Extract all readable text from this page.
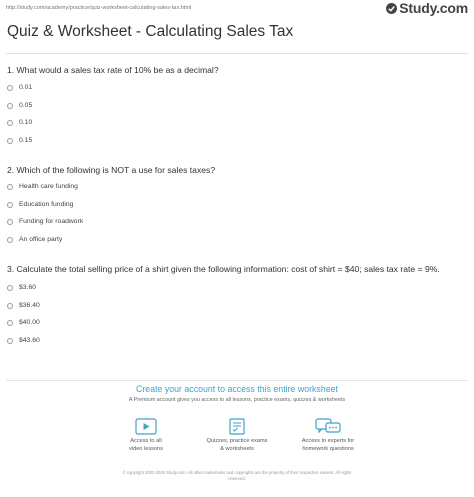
http://study.com/academy/practice/quiz-worksheet-calculating-sales-tax.html	Study.com
Quiz & Worksheet - Calculating Sales Tax

1. What would a sales tax rate of 10% be as a decimal?

0.01
0.05
0.10
0.15

2. Which of the following is NOT a use for sales taxes?

Health care funding
Education funding
Funding for roadwork
An office party

3. Calculate the total selling price of a shirt given the following information: cost of shirt = $40; sales tax rate = 9%.

$3.60
$36.40
$40.00
$43.60
Create your account to access this entire worksheet
A Premium account gives you access to all lessons, practice exams, quizzes & worksheets
Access to all
video lessons
Quizzes, practice exams
& worksheets
Access to experts for
homework questions
© copyright 2003-2020 Study.com. All other trademarks and copyrights are the property of their respective owners. All rights
reserved.
